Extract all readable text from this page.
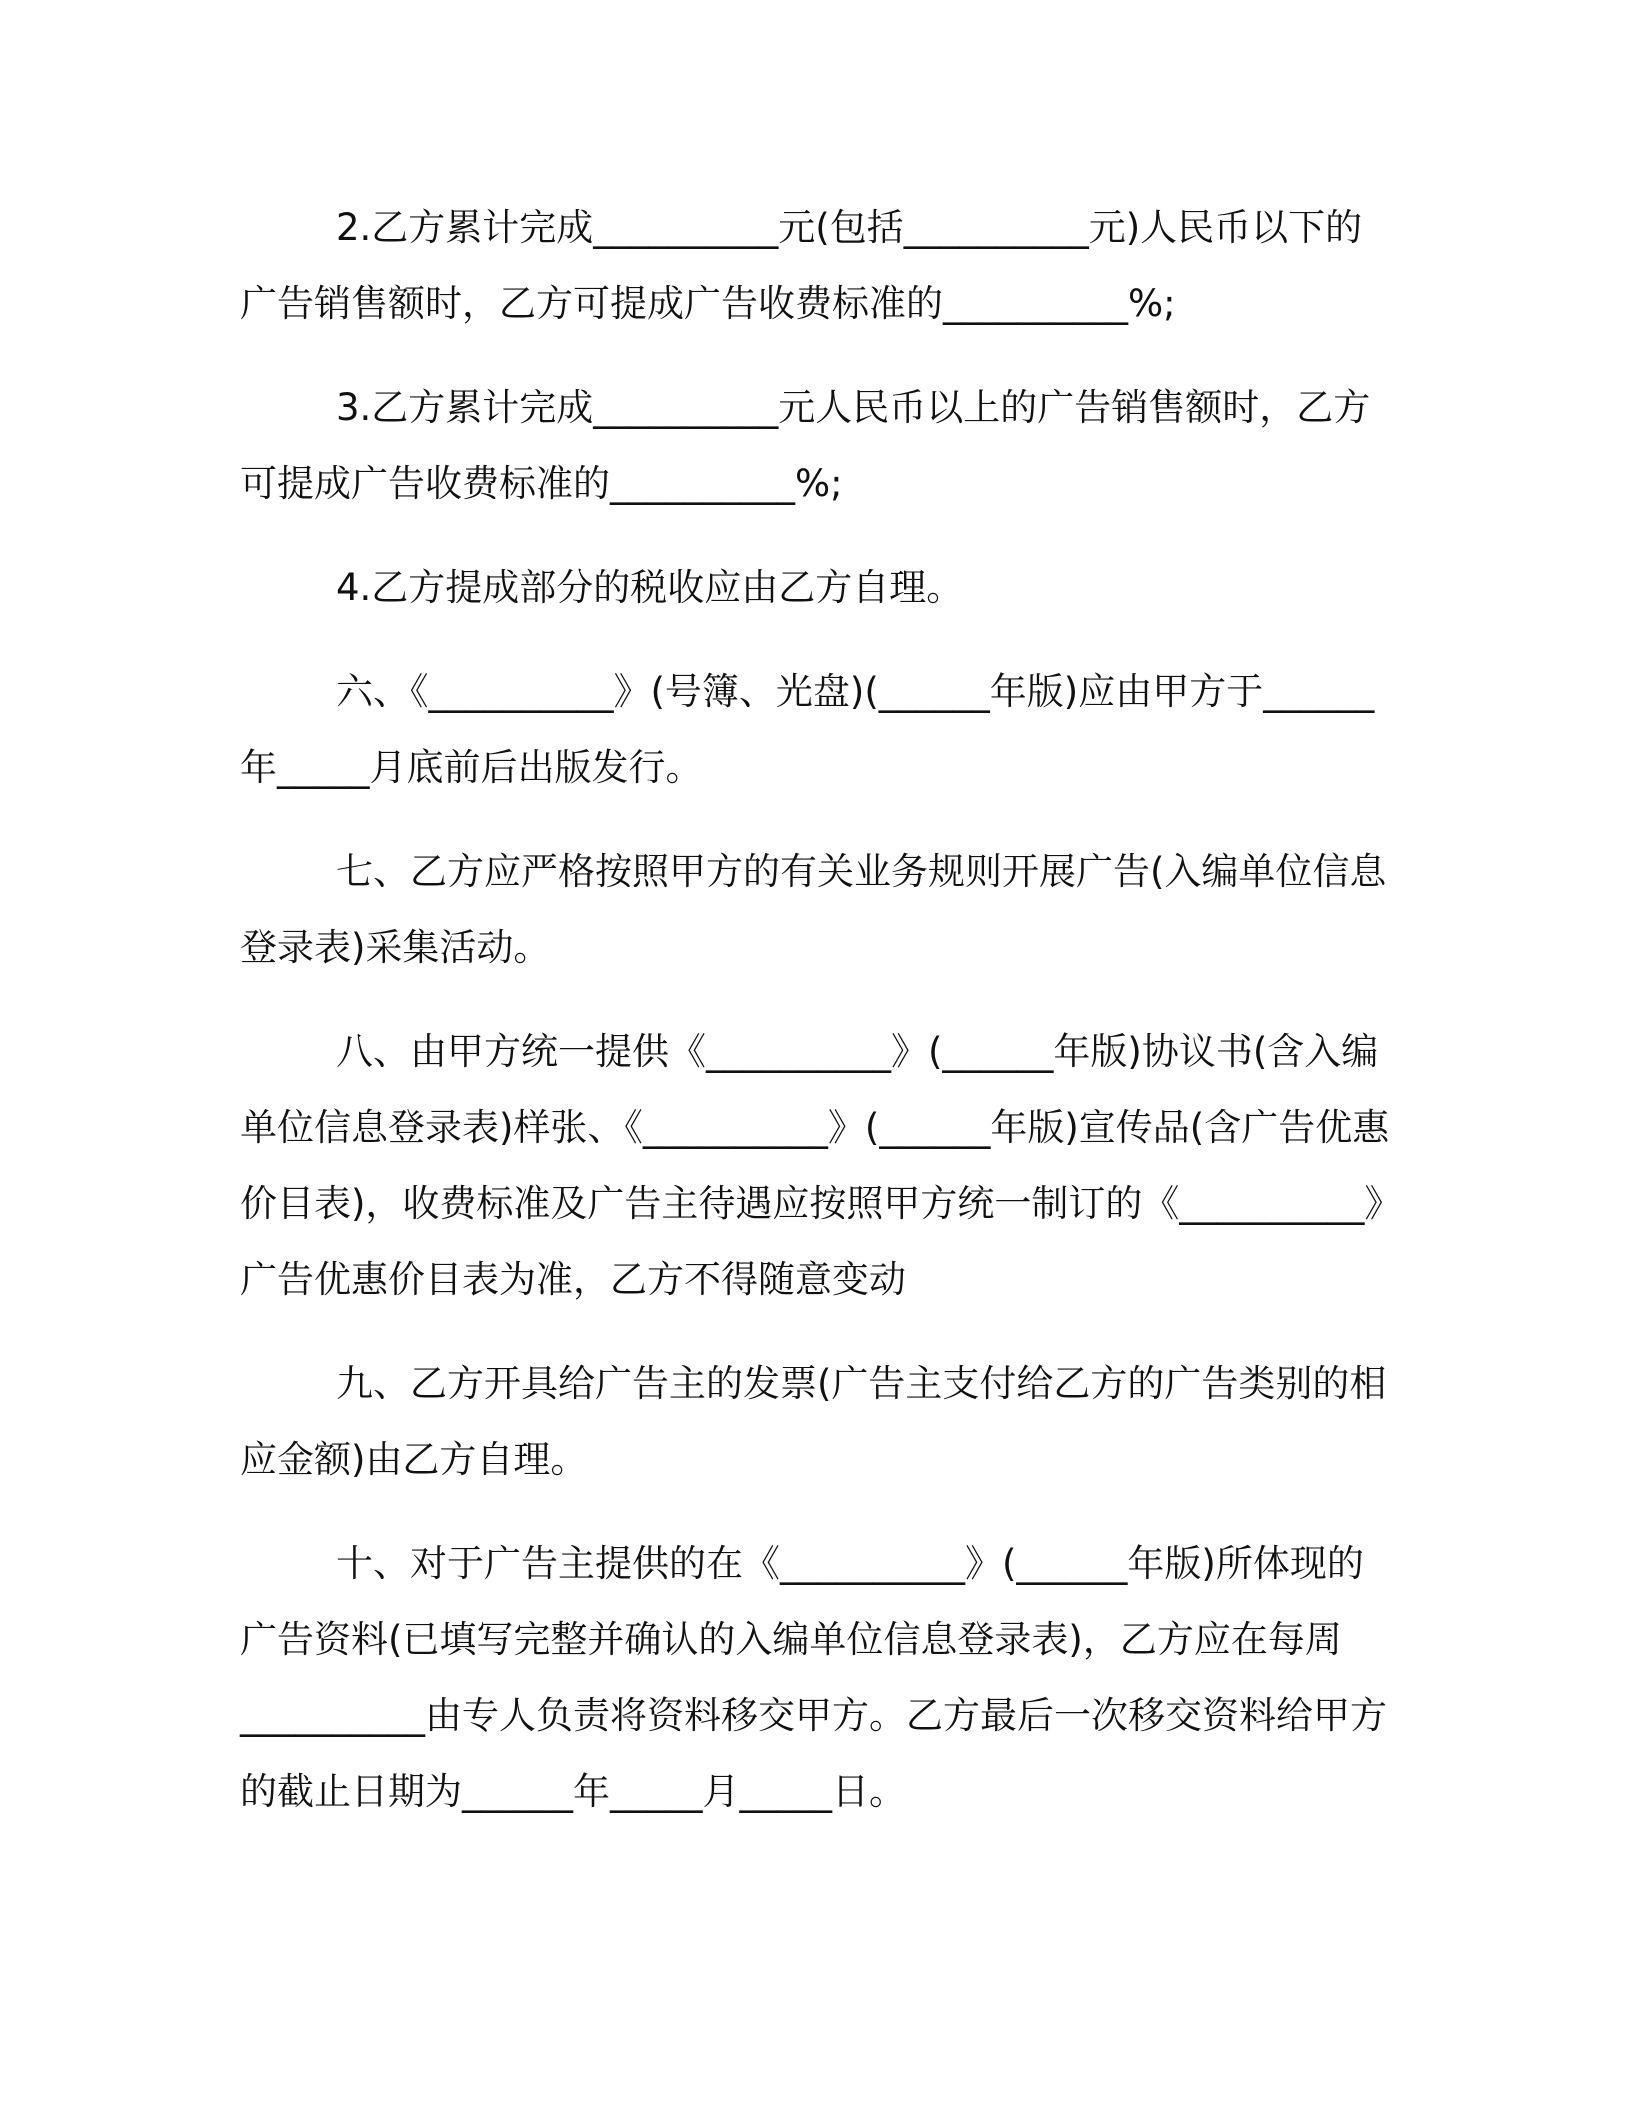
2.乙方累计完成__________元(包括__________元)人民币以下的广告销售额时，乙方可提成广告收费标准的__________%;

3.乙方累计完成__________元人民币以上的广告销售额时，乙方可提成广告收费标准的__________%;

4.乙方提成部分的税收应由乙方自理。

六、《__________》(号簿、光盘)(______年版)应由甲方于______年_____月底前后出版发行。

七、乙方应严格按照甲方的有关业务规则开展广告(入编单位信息登录表)采集活动。

八、由甲方统一提供《__________》(______年版)协议书(含入编单位信息登录表)样张、《__________》(______年版)宣传品(含广告优惠价目表)，收费标准及广告主待遇应按照甲方统一制订的《__________》广告优惠价目表为准，乙方不得随意变动

九、乙方开具给广告主的发票(广告主支付给乙方的广告类别的相应金额)由乙方自理。

十、对于广告主提供的在《__________》(______年版)所体现的广告资料(已填写完整并确认的入编单位信息登录表)，乙方应在每周__________由专人负责将资料移交甲方。乙方最后一次移交资料给甲方的截止日期为______年_____月_____日。
